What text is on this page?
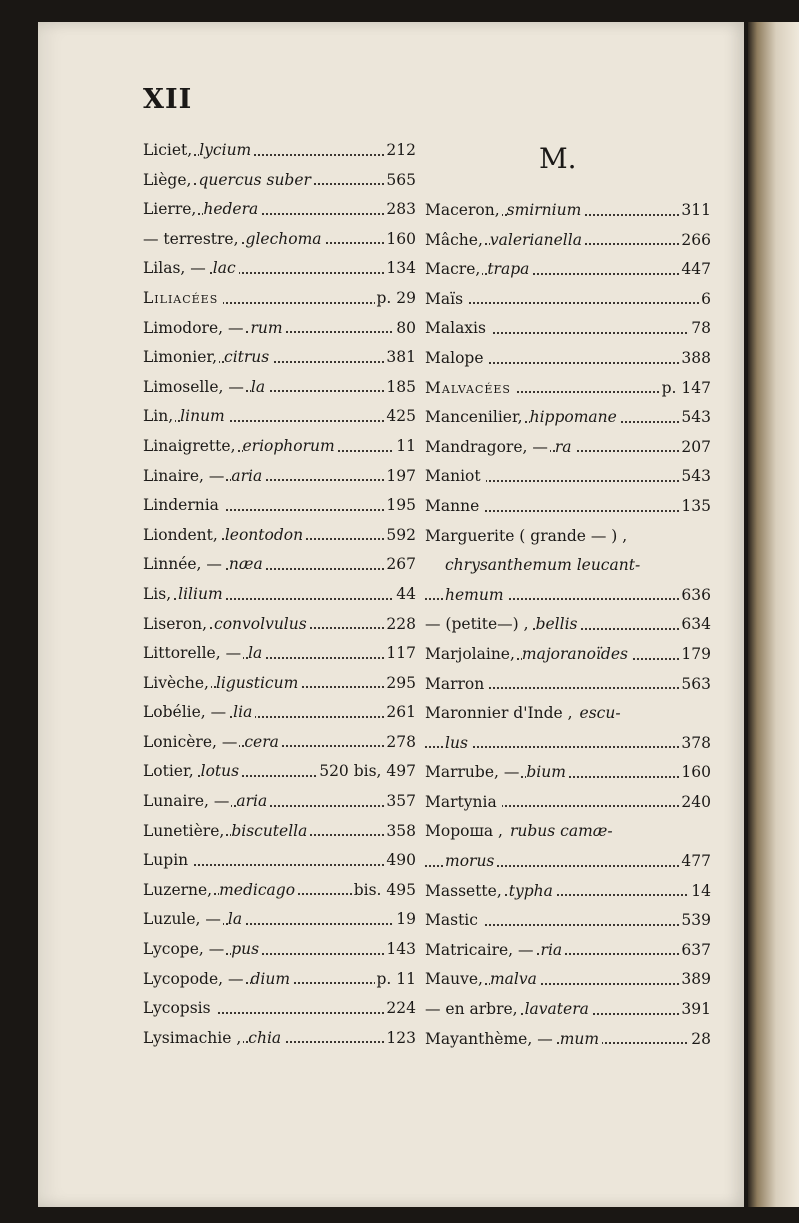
XII
M.
Liciet, lycium	212
Liège, quercus suber	565
Lierre, hedera	283
— terrestre, glechoma	160
Lilas, — lac	134
Liliacées	p. 29
Limodore, — rum	80
Limonier, citrus	381
Limoselle, — la	185
Lin, linum	425
Linaigrette, eriophorum	11
Linaire, — aria	197
Lindernia	195
Liondent, leontodon	592
Linnée, — næa	267
Lis, lilium	44
Liseron, convolvulus	228
Littorelle, — la	117
Livèche, ligusticum	295
Lobélie, — lia	261
Lonicère, — cera	278
Lotier, lotus	520 bis, 497
Lunaire, — aria	357
Lunetière, biscutella	358
Lupin	490
Luzerne, medicago	bis. 495
Luzule, — la	19
Lycope, — pus	143
Lycopode, — dium	p. 11
Lycopsis	224
Lysimachie , chia	123
Maceron, smirnium	311
Mâche, valerianella	266
Macre, trapa	447
Maïs	6
Malaxis	78
Malope	388
Malvacées	p. 147
Mancenilier, hippomane	543
Mandragore, — ra	207
Maniot	543
Manne	135
Marguerite ( grande — ) ,
chrysanthemum leucant-
hemum	636
— (petite—) , bellis	634
Marjolaine, majoranoïdes	179
Marron	563
Maronnier d'Inde , escu-
lus	378
Marrube, — bium	160
Martynia	240
Мороша , rubus camæ-
morus	477
Massette, typha	14
Mastic	539
Matricaire, — ria	637
Mauve, malva	389
— en arbre, lavatera	391
Mayanthème, — mum	28
